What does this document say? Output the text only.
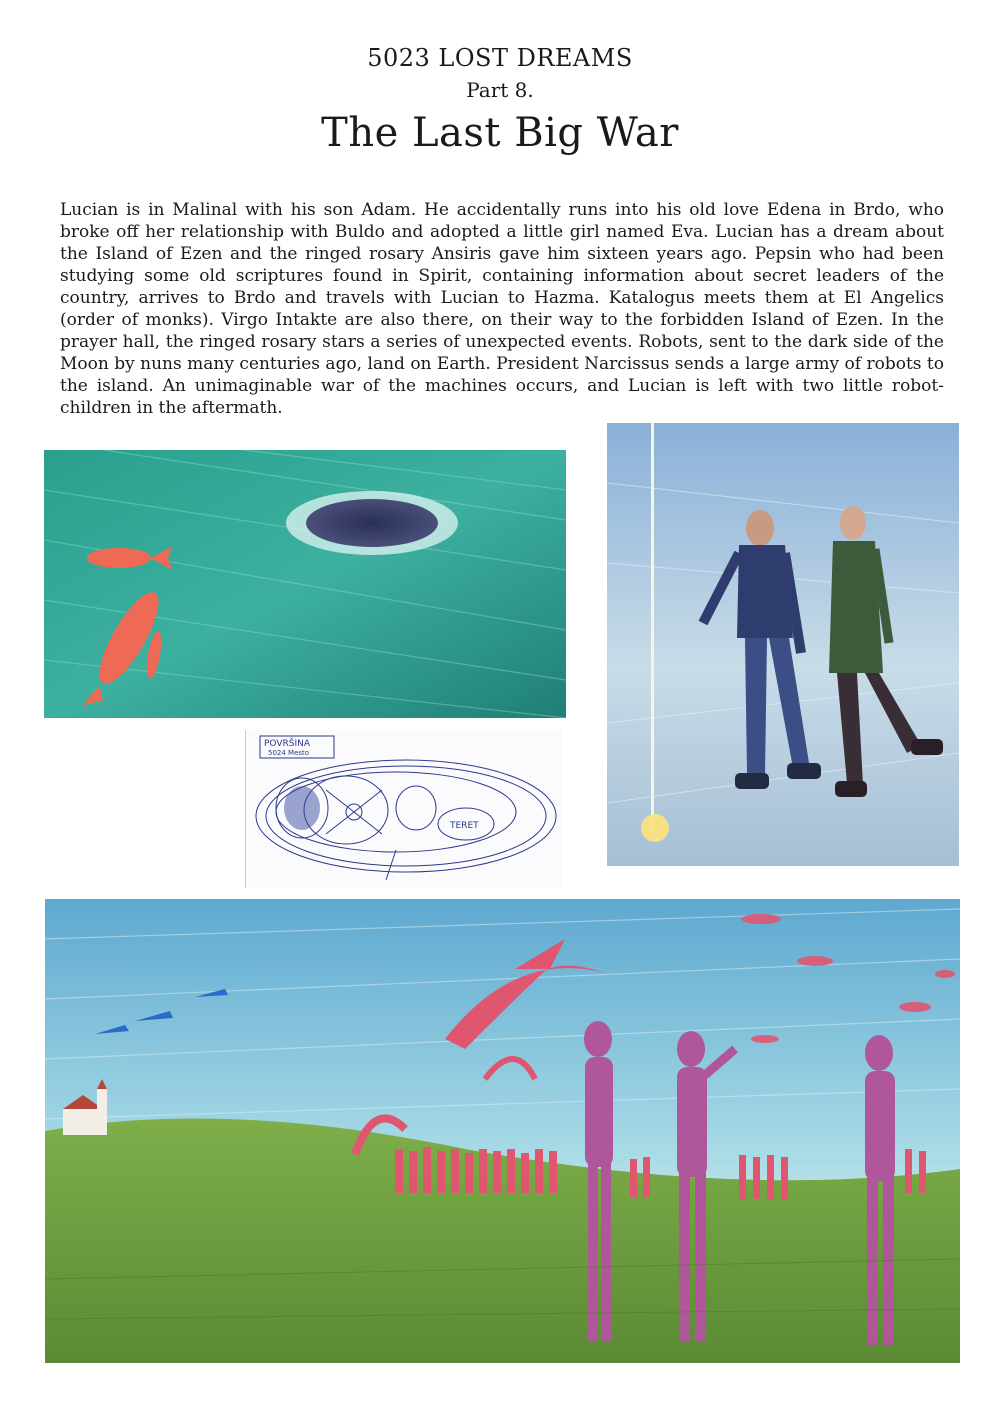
5023 LOST DREAMS
Part 8.
The Last Big War

Lucian is in Malinal with his son Adam. He accidentally runs into his old love Edena in Brdo, who broke off her relationship with Buldo and adopted a little girl named Eva. Lucian has a dream about the Island of Ezen and the ringed rosary Ansiris gave him sixteen years ago. Pepsin who had been studying some old scriptures found in Spirit, containing information about secret leaders of the country, arrives to Brdo and travels with Lucian to Hazma. Katalogus meets them at El Angelics (order of monks). Virgo Intakte are also there, on their way to the forbidden Island of Ezen. In the prayer hall, the ringed rosary stars a series of unexpected events. Robots, sent to the dark side of the Moon by nuns many centuries ago, land on Earth. President Narcissus sends a large army of robots to the island. An unimaginable war of the machines occurs, and Lucian is left with two little robot-children in the aftermath.

POVRŠINA
5024 Mesto
TERET
